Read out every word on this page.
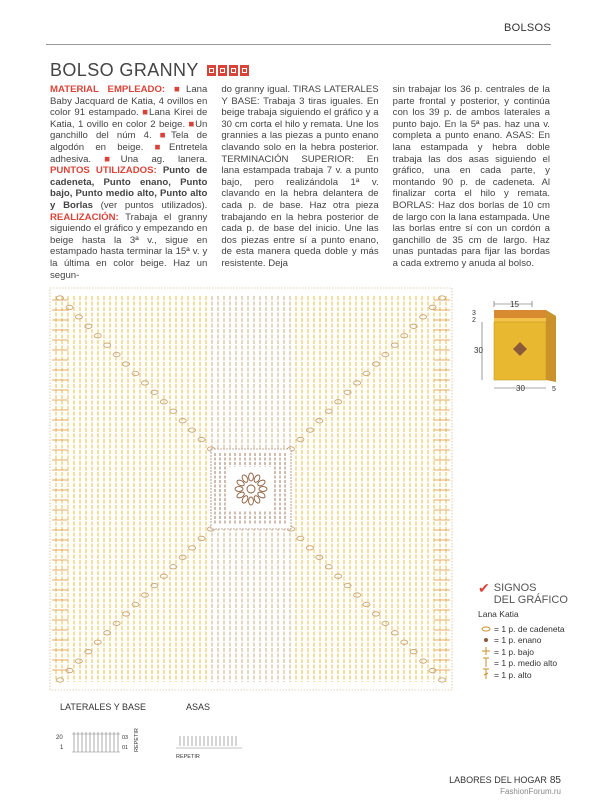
BOLSOS
BOLSO GRANNY
MATERIAL EMPLEADO: ■Lana Baby Jacquard de Katia, 4 ovillos en color 91 estampado. ■Lana Kirei de Katia, 1 ovillo en color 2 beige. ■Un ganchillo del núm 4. ■Tela de algodón en beige. ■Entretela adhesiva. ■Una ag. lanera. PUNTOS UTILIZADOS: Punto de cadeneta, Punto enano, Punto bajo, Punto medio alto, Punto alto y Borlas (ver puntos utilizados). REALIZACIÓN: Trabaja el granny siguiendo el gráfico y empezando en beige hasta la 3ª v., sigue en estampado hasta terminar la 15ª v. y la última en color beige. Haz un segun-
do granny igual. TIRAS LATERALES Y BASE: Trabaja 3 tiras iguales. En beige trabaja siguiendo el gráfico y a 30 cm corta el hilo y remata. Une los grannies a las piezas a punto enano clavando solo en la hebra posterior. TERMINACIÓN SUPERIOR: En lana estampada trabaja 7 v. a punto bajo, pero realizándola 1ª v. clavando en la hebra delantera de cada p. de base. Haz otra pieza trabajando en la hebra posterior de cada p. de base del inicio. Une las dos piezas entre sí a punto enano, de esta manera queda doble y más resistente. Deja
sin trabajar los 36 p. centrales de la parte frontal y posterior, y continúa con los 39 p. de ambos laterales a punto bajo. En la 5ª pas. haz una v. completa a punto enano. ASAS: En lana estampada y hebra doble trabaja las dos asas siguiendo el gráfico, una en cada parte, y montando 90 p. de cadeneta. Al finalizar corta el hilo y remata. BORLAS: Haz dos borlas de 10 cm de largo con la lana estampada. Une las borlas entre sí con un cordón a ganchillo de 35 cm de largo. Haz unas puntadas para fijar las bordas a cada extremo y anuda al bolso.
15
3
2
30
30	5
✔ SIGNOS
DEL GRÁFICO
Lana Katia
= 1 p. de cadeneta
= 1 p. enano
= 1 p. bajo
= 1 p. medio alto
= 1 p. alto
LATERALES Y BASE	ASAS
20
1
03
01 REPETIR
REPETIR
LABORES DEL HOGAR 85
FashionForum.ru
